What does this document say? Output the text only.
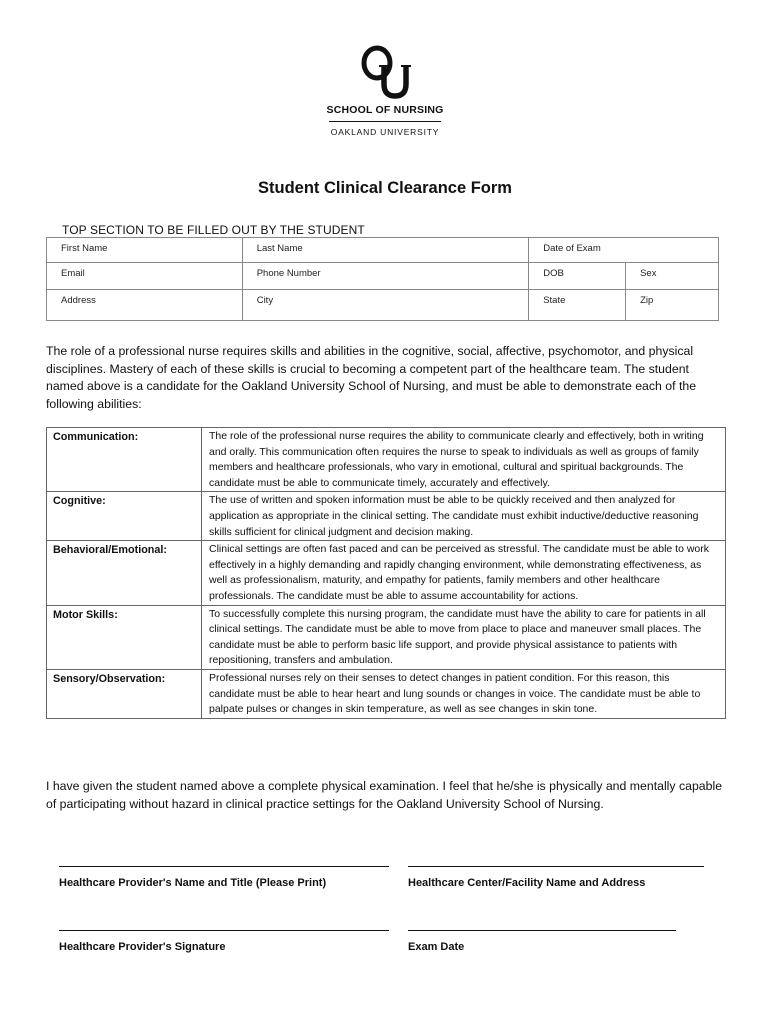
SCHOOL OF NURSING
OAKLAND UNIVERSITY
Student Clinical Clearance Form
TOP SECTION TO BE FILLED OUT BY THE STUDENT
First Name	Last Name	Date of Exam	
Email	Phone Number	DOB	Sex
Address	City	State	Zip
The role of a professional nurse requires skills and abilities in the cognitive, social, affective, psychomotor, and physical disciplines. Mastery of each of these skills is crucial to becoming a competent part of the healthcare team. The student named above is a candidate for the Oakland University School of Nursing, and must be able to demonstrate each of the following abilities:
Communication:	The role of the professional nurse requires the ability to communicate clearly and effectively, both in writing and orally. This communication often requires the nurse to speak to individuals as well as groups of family members and healthcare professionals, who vary in emotional, cultural and spiritual backgrounds. The candidate must be able to communicate timely, accurately and effectively.
Cognitive:	The use of written and spoken information must be able to be quickly received and then analyzed for application as appropriate in the clinical setting. The candidate must exhibit inductive/deductive reasoning skills sufficient for clinical judgment and decision making.
Behavioral/Emotional:	Clinical settings are often fast paced and can be perceived as stressful. The candidate must be able to work effectively in a highly demanding and rapidly changing environment, while demonstrating effectiveness, as well as professionalism, maturity, and empathy for patients, family members and other healthcare professionals. The candidate must be able to assume accountability for actions.
Motor Skills:	To successfully complete this nursing program, the candidate must have the ability to care for patients in all clinical settings. The candidate must be able to move from place to place and maneuver small places. The candidate must be able to perform basic life support, and provide physical assistance to patients with repositioning, transfers and ambulation.
Sensory/Observation:	Professional nurses rely on their senses to detect changes in patient condition. For this reason, this candidate must be able to hear heart and lung sounds or changes in voice. The candidate must be able to palpate pulses or changes in skin temperature, as well as see changes in skin tone.
I have given the student named above a complete physical examination. I feel that he/she is physically and mentally capable of participating without hazard in clinical practice settings for the Oakland University School of Nursing.
Healthcare Provider's Name and Title (Please Print)	Healthcare Center/Facility Name and Address
Healthcare Provider's Signature	Exam Date
